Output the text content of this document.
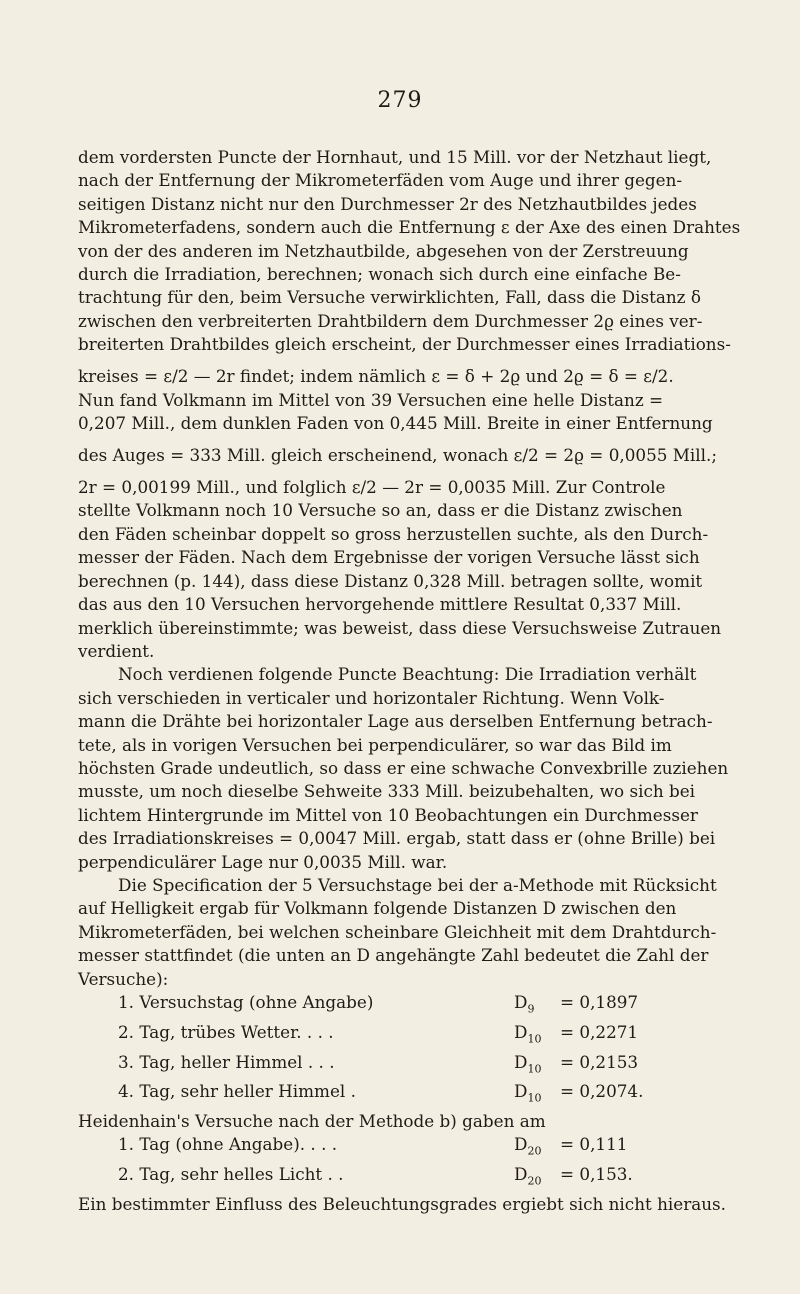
279
dem vordersten Puncte der Hornhaut, und 15 Mill. vor der Netzhaut liegt,
nach der Entfernung der Mikrometerfäden vom Auge und ihrer gegen-
seitigen Distanz nicht nur den Durchmesser 2r des Netzhautbildes jedes
Mikrometerfadens, sondern auch die Entfernung ε der Axe des einen Drahtes
von der des anderen im Netzhautbilde, abgesehen von der Zerstreuung
durch die Irradiation, berechnen; wonach sich durch eine einfache Be-
trachtung für den, beim Versuche verwirklichten, Fall, dass die Distanz δ
zwischen den verbreiterten Drahtbildern dem Durchmesser 2ϱ eines ver-
breiterten Drahtbildes gleich erscheint, der Durchmesser eines Irradiations-
kreises = ε/2 — 2r findet; indem nämlich ε = δ + 2ϱ und 2ϱ = δ = ε/2.
Nun fand Volkmann im Mittel von 39 Versuchen eine helle Distanz =
0,207 Mill., dem dunklen Faden von 0,445 Mill. Breite in einer Entfernung
des Auges = 333 Mill. gleich erscheinend, wonach ε/2 = 2ϱ = 0,0055 Mill.;
2r = 0,00199 Mill., und folglich ε/2 — 2r = 0,0035 Mill. Zur Controle
stellte Volkmann noch 10 Versuche so an, dass er die Distanz zwischen
den Fäden scheinbar doppelt so gross herzustellen suchte, als den Durch-
messer der Fäden. Nach dem Ergebnisse der vorigen Versuche lässt sich
berechnen (p. 144), dass diese Distanz 0,328 Mill. betragen sollte, womit
das aus den 10 Versuchen hervorgehende mittlere Resultat 0,337 Mill.
merklich übereinstimmte; was beweist, dass diese Versuchsweise Zutrauen
verdient.
Noch verdienen folgende Puncte Beachtung: Die Irradiation verhält
sich verschieden in verticaler und horizontaler Richtung. Wenn Volk-
mann die Drähte bei horizontaler Lage aus derselben Entfernung betrach-
tete, als in vorigen Versuchen bei perpendiculärer, so war das Bild im
höchsten Grade undeutlich, so dass er eine schwache Convexbrille zuziehen
musste, um noch dieselbe Sehweite 333 Mill. beizubehalten, wo sich bei
lichtem Hintergrunde im Mittel von 10 Beobachtungen ein Durchmesser
des Irradiationskreises = 0,0047 Mill. ergab, statt dass er (ohne Brille) bei
perpendiculärer Lage nur 0,0035 Mill. war.
Die Specification der 5 Versuchstage bei der a-Methode mit Rücksicht
auf Helligkeit ergab für Volkmann folgende Distanzen D zwischen den
Mikrometerfäden, bei welchen scheinbare Gleichheit mit dem Drahtdurch-
messer stattfindet (die unten an D angehängte Zahl bedeutet die Zahl der
Versuche):
1. Versuchstag (ohne Angabe)	$D_9$	= 0,1897
2. Tag, trübes Wetter. . . .	$D_{10}$	= 0,2271
3. Tag, heller Himmel . . .	$D_{10}$	= 0,2153
4. Tag, sehr heller Himmel .	$D_{10}$	= 0,2074.
Heidenhain's Versuche nach der Methode b) gaben am
1. Tag (ohne Angabe). . . .	$D_{20}$	= 0,111
2. Tag, sehr helles Licht . .	$D_{20}$	= 0,153.
Ein bestimmter Einfluss des Beleuchtungsgrades ergiebt sich nicht hieraus.
